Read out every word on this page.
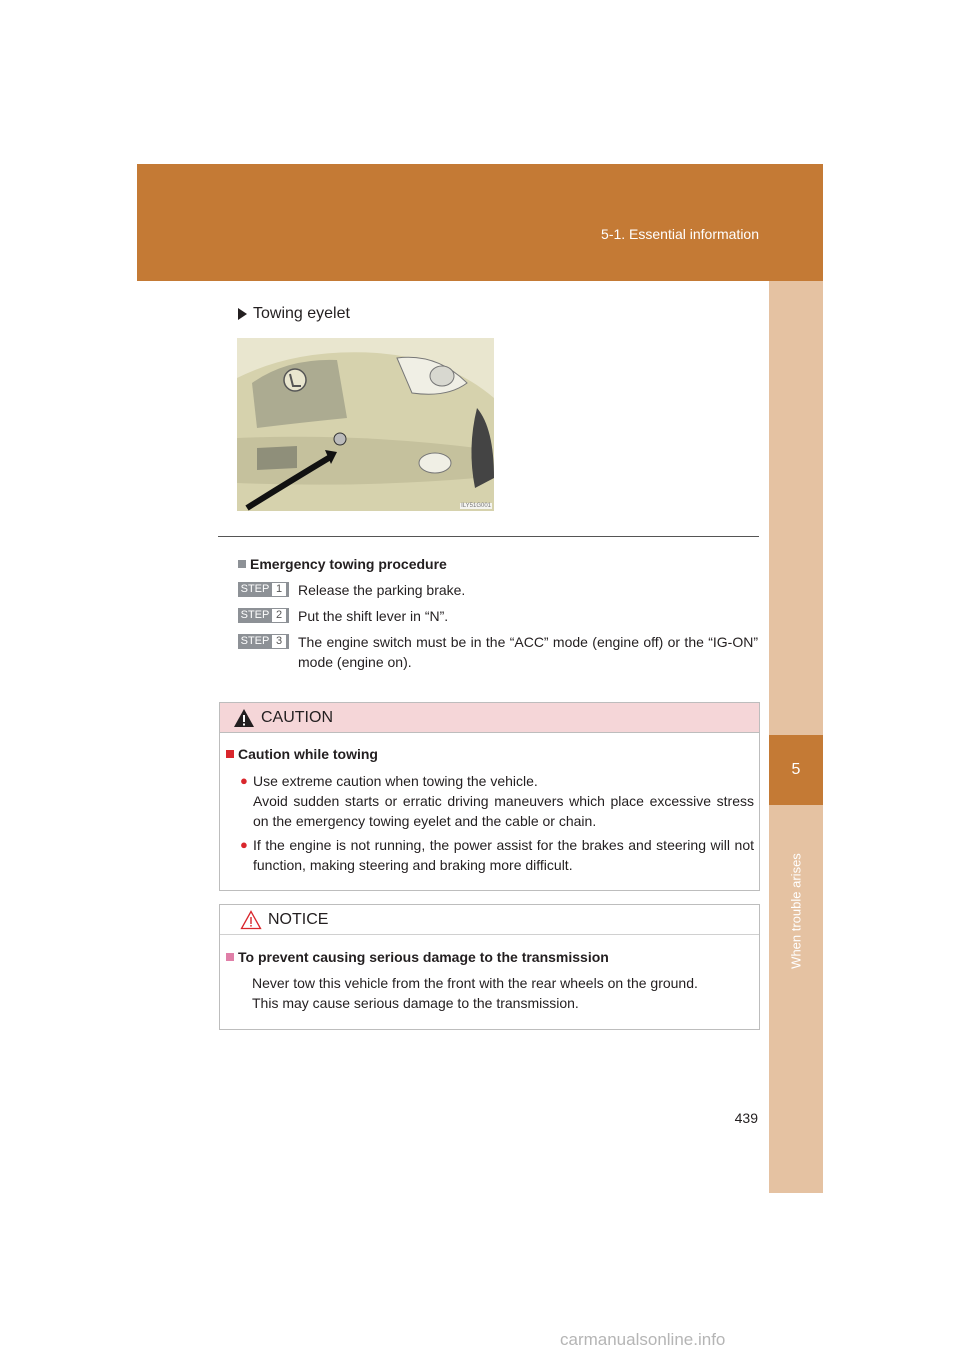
5-1. Essential information
5
When trouble arises
Towing eyelet
ILY51G001
Emergency towing procedure
STEP 1 Release the parking brake.
STEP 2 Put the shift lever in “N”.
STEP 3 The engine switch must be in the “ACC” mode (engine off) or the “IG-ON” mode (engine on).
CAUTION
Caution while towing
● Use extreme caution when towing the vehicle.
Avoid sudden starts or erratic driving maneuvers which place excessive stress on the emergency towing eyelet and the cable or chain.
● If the engine is not running, the power assist for the brakes and steering will not function, making steering and braking more difficult.
NOTICE
To prevent causing serious damage to the transmission
Never tow this vehicle from the front with the rear wheels on the ground.
This may cause serious damage to the transmission.
439
carmanualsonline.info
